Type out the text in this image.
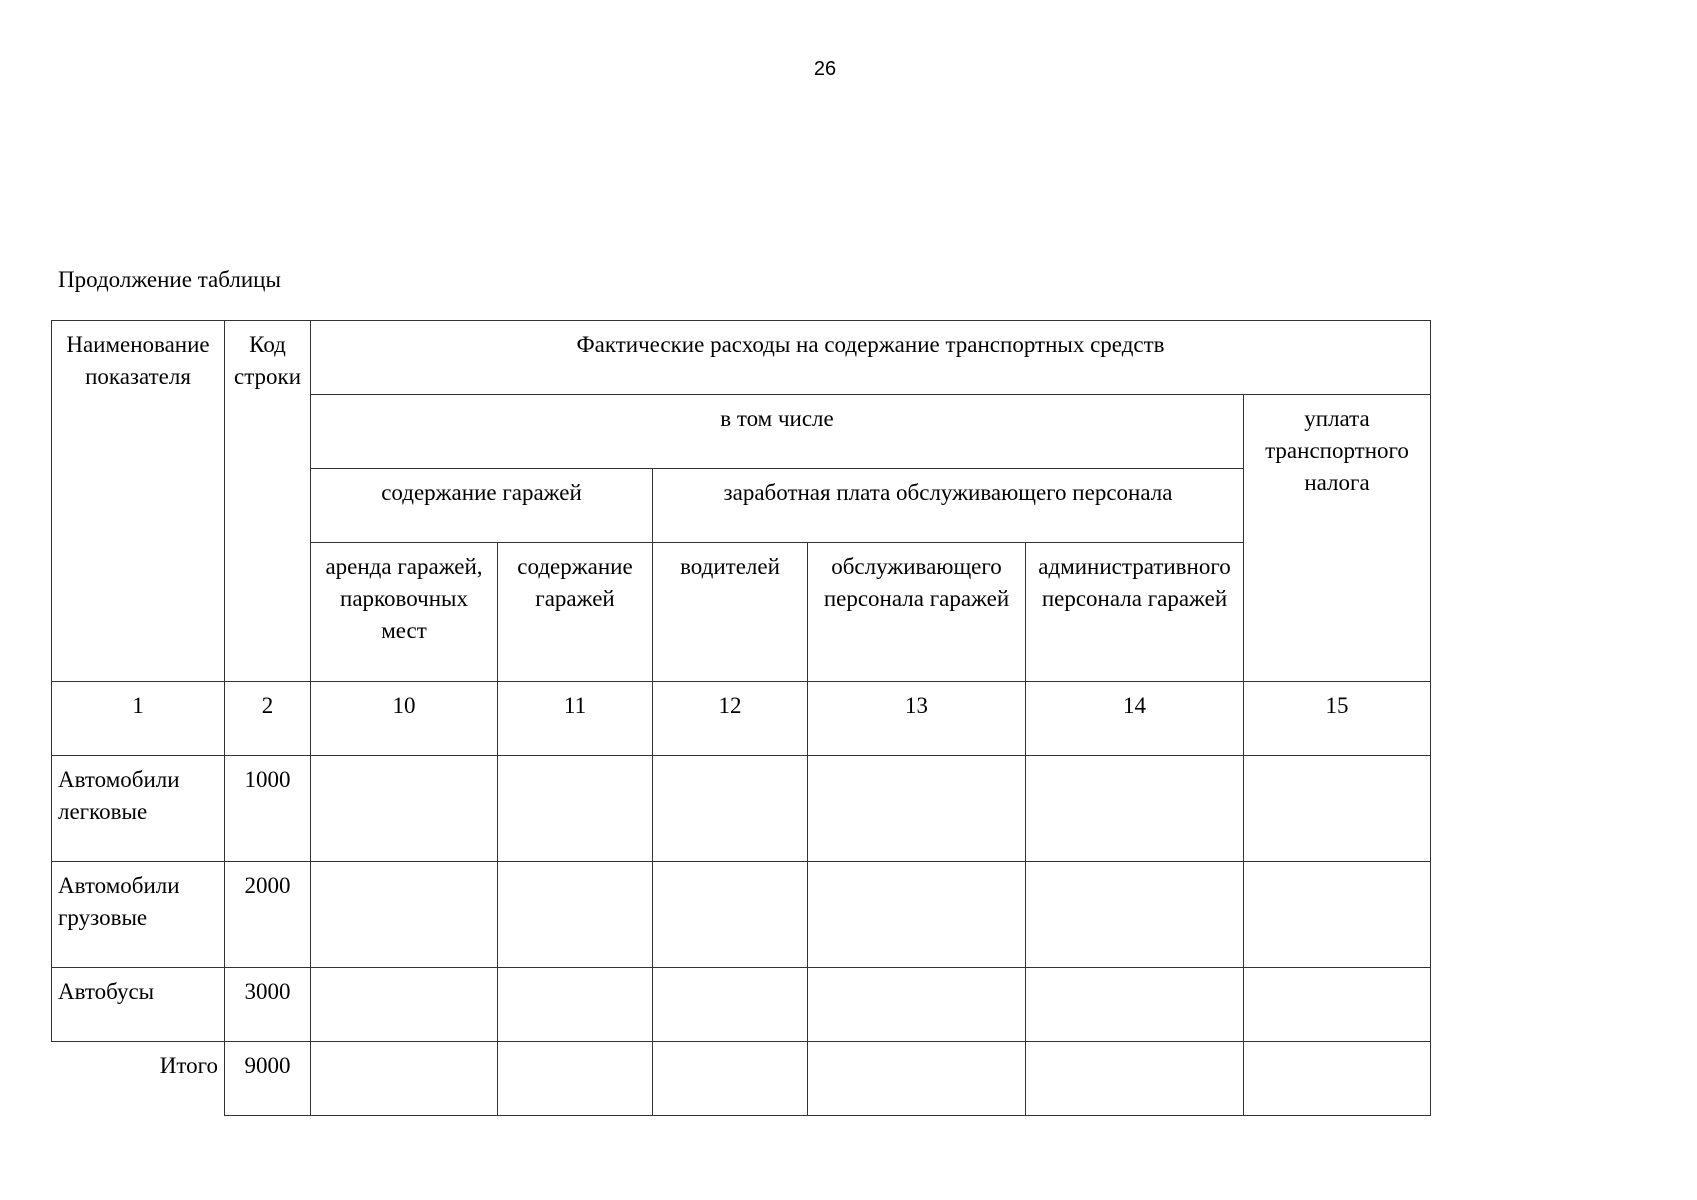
26
Продолжение таблицы
Наименование показателя	Код строки	Фактические расходы на содержание транспортных средств					
		в том числе					уплата транспортного налога
		содержание гаражей		заработная плата обслуживающего персонала			
		аренда гаражей, парковочных мест	содержание гаражей	водителей	обслуживающего персонала гаражей	административного персонала гаражей	
1	2	10	11	12	13	14	15
Автомобили легковые	1000						
Автомобили грузовые	2000						
Автобусы	3000						
Итого	9000						
